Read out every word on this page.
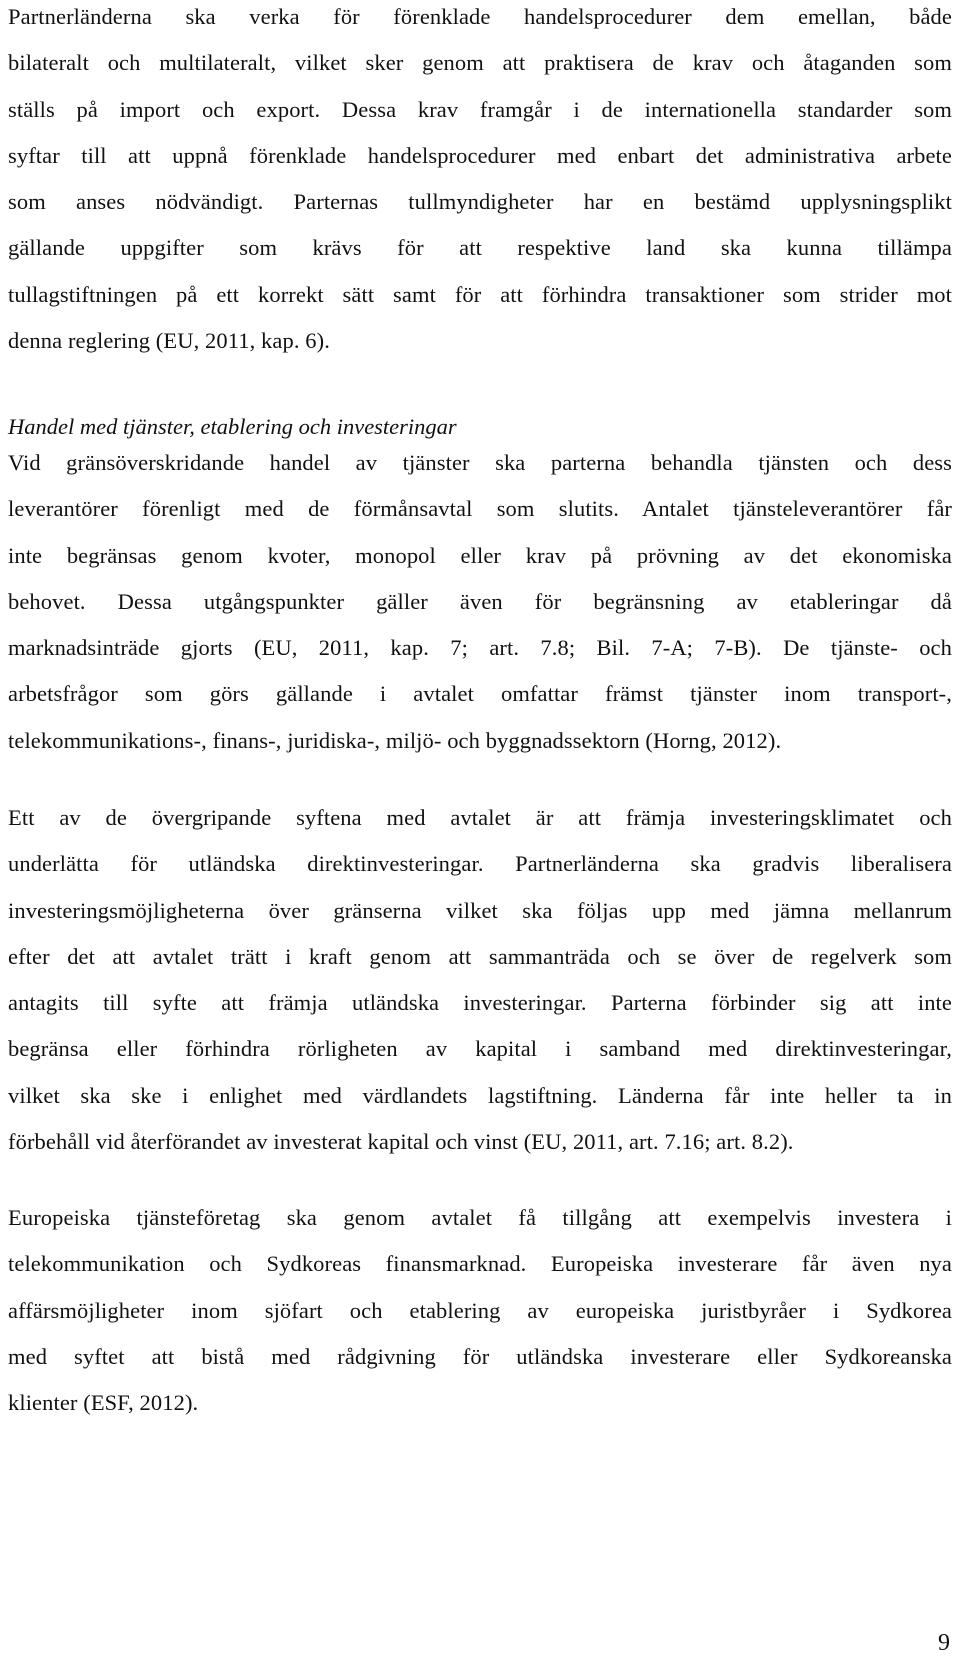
Partnerländerna ska verka för förenklade handelsprocedurer dem emellan, både
bilateralt och multilateralt, vilket sker genom att praktisera de krav och åtaganden som
ställs på import och export. Dessa krav framgår i de internationella standarder som
syftar till att uppnå förenklade handelsprocedurer med enbart det administrativa arbete
som anses nödvändigt. Parternas tullmyndigheter har en bestämd upplysningsplikt
gällande uppgifter som krävs för att respektive land ska kunna tillämpa
tullagstiftningen på ett korrekt sätt samt för att förhindra transaktioner som strider mot
denna reglering (EU, 2011, kap. 6).
Handel med tjänster, etablering och investeringar
Vid gränsöverskridande handel av tjänster ska parterna behandla tjänsten och dess
leverantörer förenligt med de förmånsavtal som slutits. Antalet tjänsteleverantörer får
inte begränsas genom kvoter, monopol eller krav på prövning av det ekonomiska
behovet. Dessa utgångspunkter gäller även för begränsning av etableringar då
marknadsinträde gjorts (EU, 2011, kap. 7; art. 7.8; Bil. 7-A; 7-B). De tjänste- och
arbetsfrågor som görs gällande i avtalet omfattar främst tjänster inom transport-,
telekommunikations-, finans-, juridiska-, miljö- och byggnadssektorn (Horng, 2012).
Ett av de övergripande syftena med avtalet är att främja investeringsklimatet och
underlätta för utländska direktinvesteringar. Partnerländerna ska gradvis liberalisera
investeringsmöjligheterna över gränserna vilket ska följas upp med jämna mellanrum
efter det att avtalet trätt i kraft genom att sammanträda och se över de regelverk som
antagits till syfte att främja utländska investeringar. Parterna förbinder sig att inte
begränsa eller förhindra rörligheten av kapital i samband med direktinvesteringar,
vilket ska ske i enlighet med värdlandets lagstiftning. Länderna får inte heller ta in
förbehåll vid återförandet av investerat kapital och vinst (EU, 2011, art. 7.16; art. 8.2).
Europeiska tjänsteföretag ska genom avtalet få tillgång att exempelvis investera i
telekommunikation och Sydkoreas finansmarknad. Europeiska investerare får även nya
affärsmöjligheter inom sjöfart och etablering av europeiska juristbyråer i Sydkorea
med syftet att bistå med rådgivning för utländska investerare eller Sydkoreanska
klienter (ESF, 2012).
9
